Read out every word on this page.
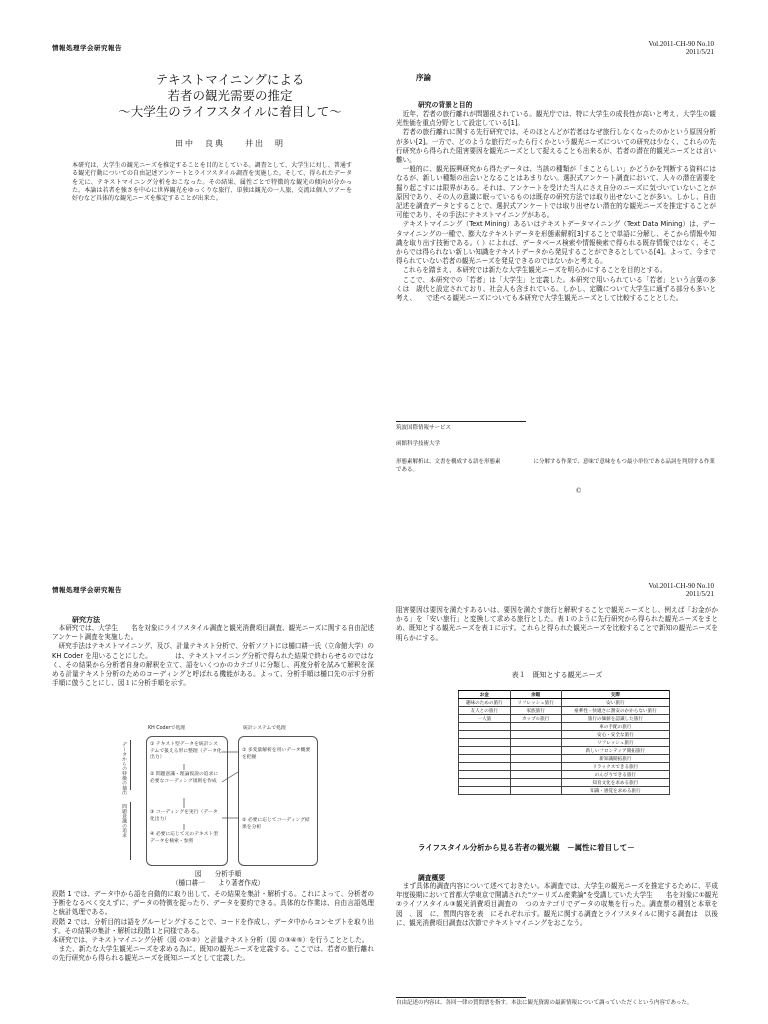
情報処理学会研究報告	Vol.2011-CH-90 No.10
2011/5/21
テキストマイニングによる
若者の観光需要の推定
～大学生のライフスタイルに着目して～
田中　良典　　井出　明
本研究は、大学生の観光ニーズを推定することを目的としている。調査として、大学生に対し、普通する観光行動についての自由記述アンケートとライフスタイル調査を実施した。そして、得られたデータを元に、テキストマイニング分析をおこなった。その結果、属性ごとで特徴的な観光の傾向が分かった。本論は若者を強さを中心に世界観光をゆっくりな旅行、単独は観光の一人旅、交流は個人ツアーを好むなど具体的な観光ニーズを推定することが出来た。
序論
研究の背景と目的
　近年、若者の旅行離れが問題視されている。観光庁では、特に大学生の成長性が高いと考え、大学生の観光性価を重点分野として設定している[1]。
　若者の旅行離れに関する先行研究では、そのほとんどが若者はなぜ旅行しなくなったのかという原因分析が多い[2]。一方で、どのような旅行だったら行くかという観光ニーズについての研究は少なく、これらの先行研究から得られた阻害要因を観光ニーズとして捉えることも出来るが、若者の潜在的観光ニーズとは言い難い。
　一般的に、観光振興研究から得たデータは、当該の種類が「まことらしい」かどうかを判断する資料にはなるが、新しい種類の出会いとなることはあまりない。選択式アンケート調査において、人々の潜在需要を掘り起こすには限界がある。それは、アンケートを受けた当人にさえ自分のニーズに気づいていないことが原因であり、その人の意識に眠っているものは既存の研究方法では取り出せないことが多い。しかし、自由記述を調査データとすることで、選択式アンケートでは取り出せない潜在的な観光ニーズを推定することが可能であり、その手法にテキストマイニングがある。
　テキストマイニング（Text Mining）あるいはテキストデータマイニング（Text Data Mining）は、データマイニングの一種で、膨大なテキストデータを形態素解析[3]することで単語に分解し、そこから情報や知識を取り出す技術である。（ ）によれば、データベース検索や情報検索で得られる既存情報ではなく、そこからでは得られない新しい知識をテキストデータから発見することができるとしている[4]。よって、今まで得られていない若者の観光ニーズを発見できるのではないかと考える。
　これらを踏まえ、本研究では新たな大学生観光ニーズを明らかにすることを目的とする。
　ここで、本研究での「若者」は「大学生」と定義した。本研究で用いられている「若者」という言葉の多くは　歳代と設定されており、社会人も含まれている。しかし、定職について大学生に通ずる部分も多いと考え、　　で述べる観光ニーズについても本研究で大学生観光ニーズとして比較することとした。
筑波国際情報サービス
函館科学技術大学
形態素解析は、文書を構成する語を形態素　　　　　　に分解する作業で、意味で意味をもつ最小単位である品詞を判別する作業である。
©
情報処理学会研究報告	Vol.2011-CH-90 No.10
2011/5/21
研究方法
　本研究では、大学生　　名を対象にライフスタイル調査と観光消費項目調査、観光ニーズに関する自由記述アンケート調査を実施した。
　研究手法はテキストマイニング、及び、計量テキスト分析で、分析ソフトには樋口耕一氏（立命館大学）の KH Coder を用いることにした。　　　　は、テキストマイニング分析で得られた結果で終わらせるのではなく、その結果から分析者自身の解釈を立て、語をいくつかのカテゴリに分類し、再度分析を試みて解釈を深める計量テキスト分析のためのコーディングと呼ばれる機能がある。よって、分析手順は樋口先の示す分析手順に倣うことにし、図１に分析手順を示す。
KH Coderで処理	統計システムで処理
データからの特徴の抽出
問題意識の追求
① テキスト型データを統計システムで扱える形に整理（データ化出力）
② 問題意識・理論仮説の追求に必要なコーディング規則を作成
③ コーディングを実行（データ化出力）
④ 必要に応じて元のテキスト型データを検索・参照
① 多変量解析を用いデータ概要を把握
② 必要に応じてコーディング結果を分析
図　　分析手順
（樋口耕一　　より著者作成）
段階 1 では、データ中から語を自動的に取り出して、その結果を集計・解析する。これによって、分析者の予断をなるべく交えずに、データの特徴を捉ったり、データを要約できる。具体的な作業は、自由言語処理と統計処理である。
段階 2 では、分析目的は語をグルーピングすることで、コードを作成し、データ中からコンセプトを取り出す。その結果の集計・解析は段階１と同様である。
本研究では、テキストマイニング分析（図 の①②）と計量テキスト分析（図 の③④⑤）を行うこととした。
　また、新たな大学生観光ニーズを求める為に、既知の観光ニーズを定義する。ここでは、若者の旅行離れの先行研究から得られる観光ニーズを既知ニーズとして定義した。
阻害要因は要因を満たすあるいは、要因を満たす旅行と解釈することで観光ニーズとし、例えば「お金がかかる」を「安い旅行」と変換して求める旅行とした。表１のように先行研究から得られた観光ニーズをまとめ、既知とする観光ニーズを表１に示す。これらと得られた観光ニーズを比較することで新知の観光ニーズを明らかにする。
表１　既知とする観光ニーズ
お金	余暇	交際
趣味のための旅行	リフレッシュ旅行	安い旅行
友人との旅行	家族旅行	豪華性・快適さに割安のかからない旅行
一人旅	カップル旅行	旅行の価値を認識した旅行
		車の手配の旅行
		安心・安全な旅行
		リフレッシュ旅行
		新しいフロンティア開拓旅行
		新知識開拓旅行
		リラックスできる旅行
		のんびりできる旅行
		知育文化を求める旅行
		知識・感覚を求める旅行
ライフスタイル分析から見る若者の観光観　－属性に着目して－
調査概要
　まず具体的調査内容について述べておきたい。本調査では、大学生の観光ニーズを推定するために、平成　　年度後期において首都大学東京で開講された"ツーリズム産業論"を受講していた大学生　　名を対象に①観光②ライフスタイル③観光消費項目調査の　つのカテゴリでデータの収集を行った。調査票の種別と本章を図　、図　に、質問内容を表　にそれぞれ示す。観光に関する調査とライフスタイルに関する調査は　以後に、観光消費項目調査は次節でテキストマイニングをおこなう。
自由記述の内容は、各回一律の質問票を指す。本法に観光資源の最新情報について調っていただくという内容であった。
